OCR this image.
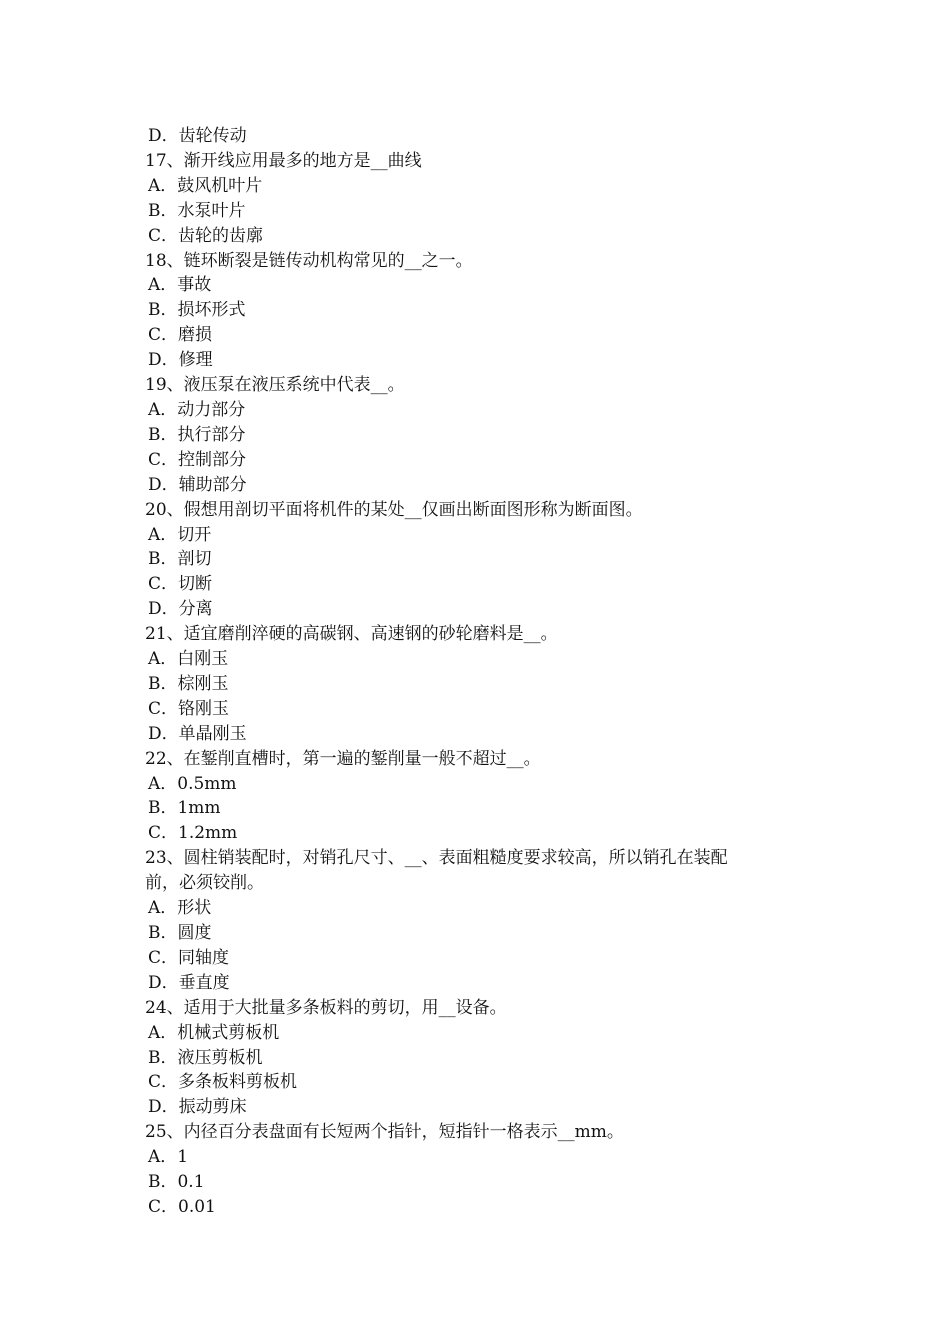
D．齿轮传动
17、渐开线应用最多的地方是__曲线
A．鼓风机叶片
B．水泵叶片
C．齿轮的齿廓
18、链环断裂是链传动机构常见的__之一。
A．事故
B．损坏形式
C．磨损
D．修理
19、液压泵在液压系统中代表__。
A．动力部分
B．执行部分
C．控制部分
D．辅助部分
20、假想用剖切平面将机件的某处__仅画出断面图形称为断面图。
A．切开
B．剖切
C．切断
D．分离
21、适宜磨削淬硬的高碳钢、高速钢的砂轮磨料是__。
A．白刚玉
B．棕刚玉
C．铬刚玉
D．单晶刚玉
22、在錾削直槽时，第一遍的錾削量一般不超过__。
A．0.5mm
B．1mm
C．1.2mm
23、圆柱销装配时，对销孔尺寸、__、表面粗糙度要求较高，所以销孔在装配
前，必须铰削。
A．形状
B．圆度
C．同轴度
D．垂直度
24、适用于大批量多条板料的剪切，用__设备。
A．机械式剪板机
B．液压剪板机
C．多条板料剪板机
D．振动剪床
25、内径百分表盘面有长短两个指针，短指针一格表示__mm。
A．1
B．0.1
C．0.01
